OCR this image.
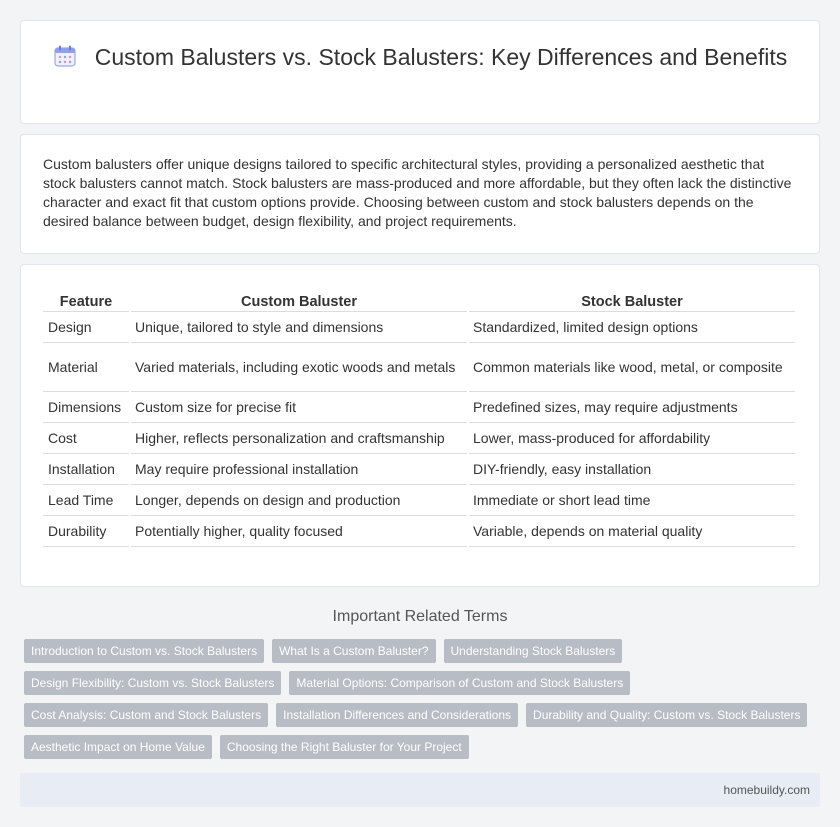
Custom Balusters vs. Stock Balusters: Key Differences and Benefits

Custom balusters offer unique designs tailored to specific architectural styles, providing a personalized aesthetic that stock balusters cannot match. Stock balusters are mass-produced and more affordable, but they often lack the distinctive character and exact fit that custom options provide. Choosing between custom and stock balusters depends on the desired balance between budget, design flexibility, and project requirements.

Feature	Custom Baluster	Stock Baluster
Design	Unique, tailored to style and dimensions	Standardized, limited design options
Material	Varied materials, including exotic woods and metals	Common materials like wood, metal, or composite
Dimensions	Custom size for precise fit	Predefined sizes, may require adjustments
Cost	Higher, reflects personalization and craftsmanship	Lower, mass-produced for affordability
Installation	May require professional installation	DIY-friendly, easy installation
Lead Time	Longer, depends on design and production	Immediate or short lead time
Durability	Potentially higher, quality focused	Variable, depends on material quality
Important Related Terms
Introduction to Custom vs. Stock Balusters	What Is a Custom Baluster?	Understanding Stock Balusters
Design Flexibility: Custom vs. Stock Balusters	Material Options: Comparison of Custom and Stock Balusters
Cost Analysis: Custom and Stock Balusters	Installation Differences and Considerations	Durability and Quality: Custom vs. Stock Balusters
Aesthetic Impact on Home Value	Choosing the Right Baluster for Your Project
homebuildy.com
